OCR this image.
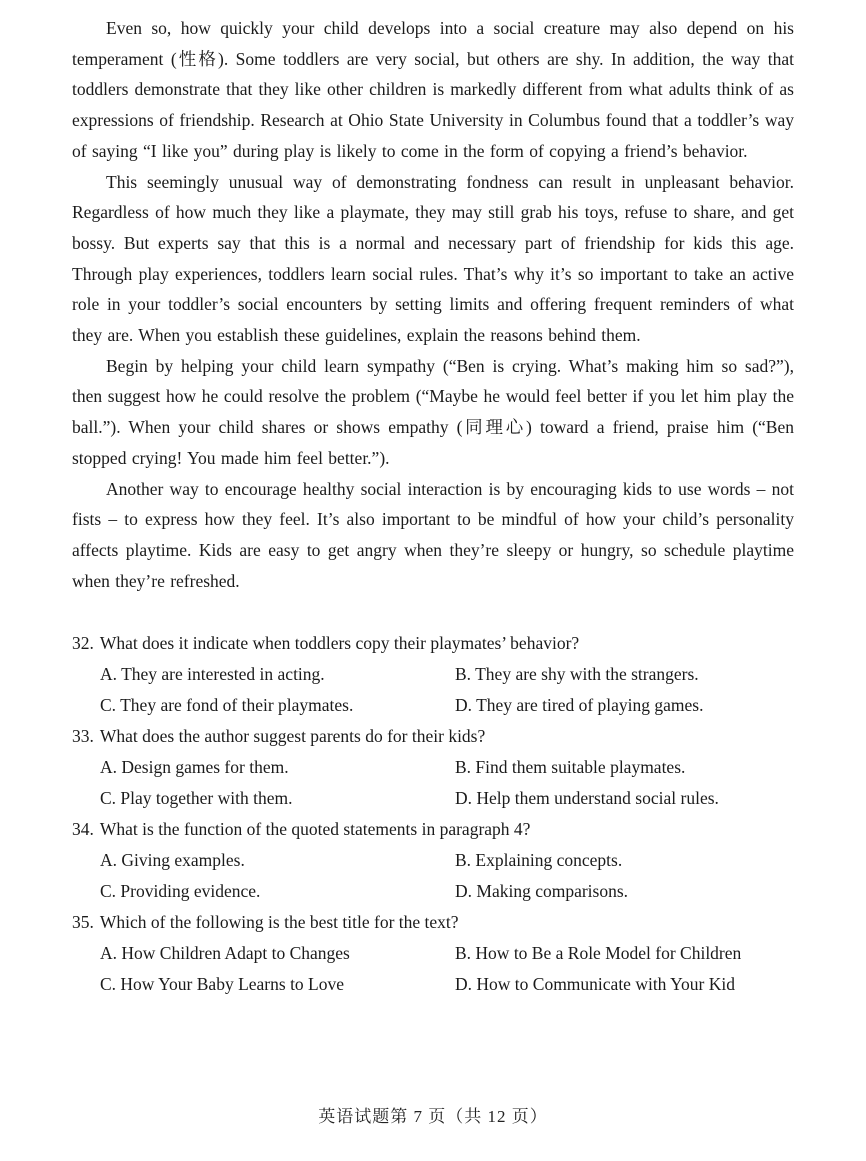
Even so, how quickly your child develops into a social creature may also depend on his temperament (性格). Some toddlers are very social, but others are shy. In addition, the way that toddlers demonstrate that they like other children is markedly different from what adults think of as expressions of friendship. Research at Ohio State University in Columbus found that a toddler’s way of saying “I like you” during play is likely to come in the form of copying a friend’s behavior.

This seemingly unusual way of demonstrating fondness can result in unpleasant behavior. Regardless of how much they like a playmate, they may still grab his toys, refuse to share, and get bossy. But experts say that this is a normal and necessary part of friendship for kids this age. Through play experiences, toddlers learn social rules. That’s why it’s so important to take an active role in your toddler’s social encounters by setting limits and offering frequent reminders of what they are. When you establish these guidelines, explain the reasons behind them.

Begin by helping your child learn sympathy (“Ben is crying. What’s making him so sad?”), then suggest how he could resolve the problem (“Maybe he would feel better if you let him play the ball.”). When your child shares or shows empathy (同理心) toward a friend, praise him (“Ben stopped crying! You made him feel better.”).

Another way to encourage healthy social interaction is by encouraging kids to use words – not fists – to express how they feel. It’s also important to be mindful of how your child’s personality affects playtime. Kids are easy to get angry when they’re sleepy or hungry, so schedule playtime when they’re refreshed.

32. What does it indicate when toddlers copy their playmates’ behavior?
A. They are interested in acting.	B. They are shy with the strangers.
C. They are fond of their playmates.	D. They are tired of playing games.
33. What does the author suggest parents do for their kids?
A. Design games for them.	B. Find them suitable playmates.
C. Play together with them.	D. Help them understand social rules.
34. What is the function of the quoted statements in paragraph 4?
A. Giving examples.	B. Explaining concepts.
C. Providing evidence.	D. Making comparisons.
35. Which of the following is the best title for the text?
A. How Children Adapt to Changes	B. How to Be a Role Model for Children
C. How Your Baby Learns to Love	D. How to Communicate with Your Kid
英语试题第 7 页（共 12 页）
